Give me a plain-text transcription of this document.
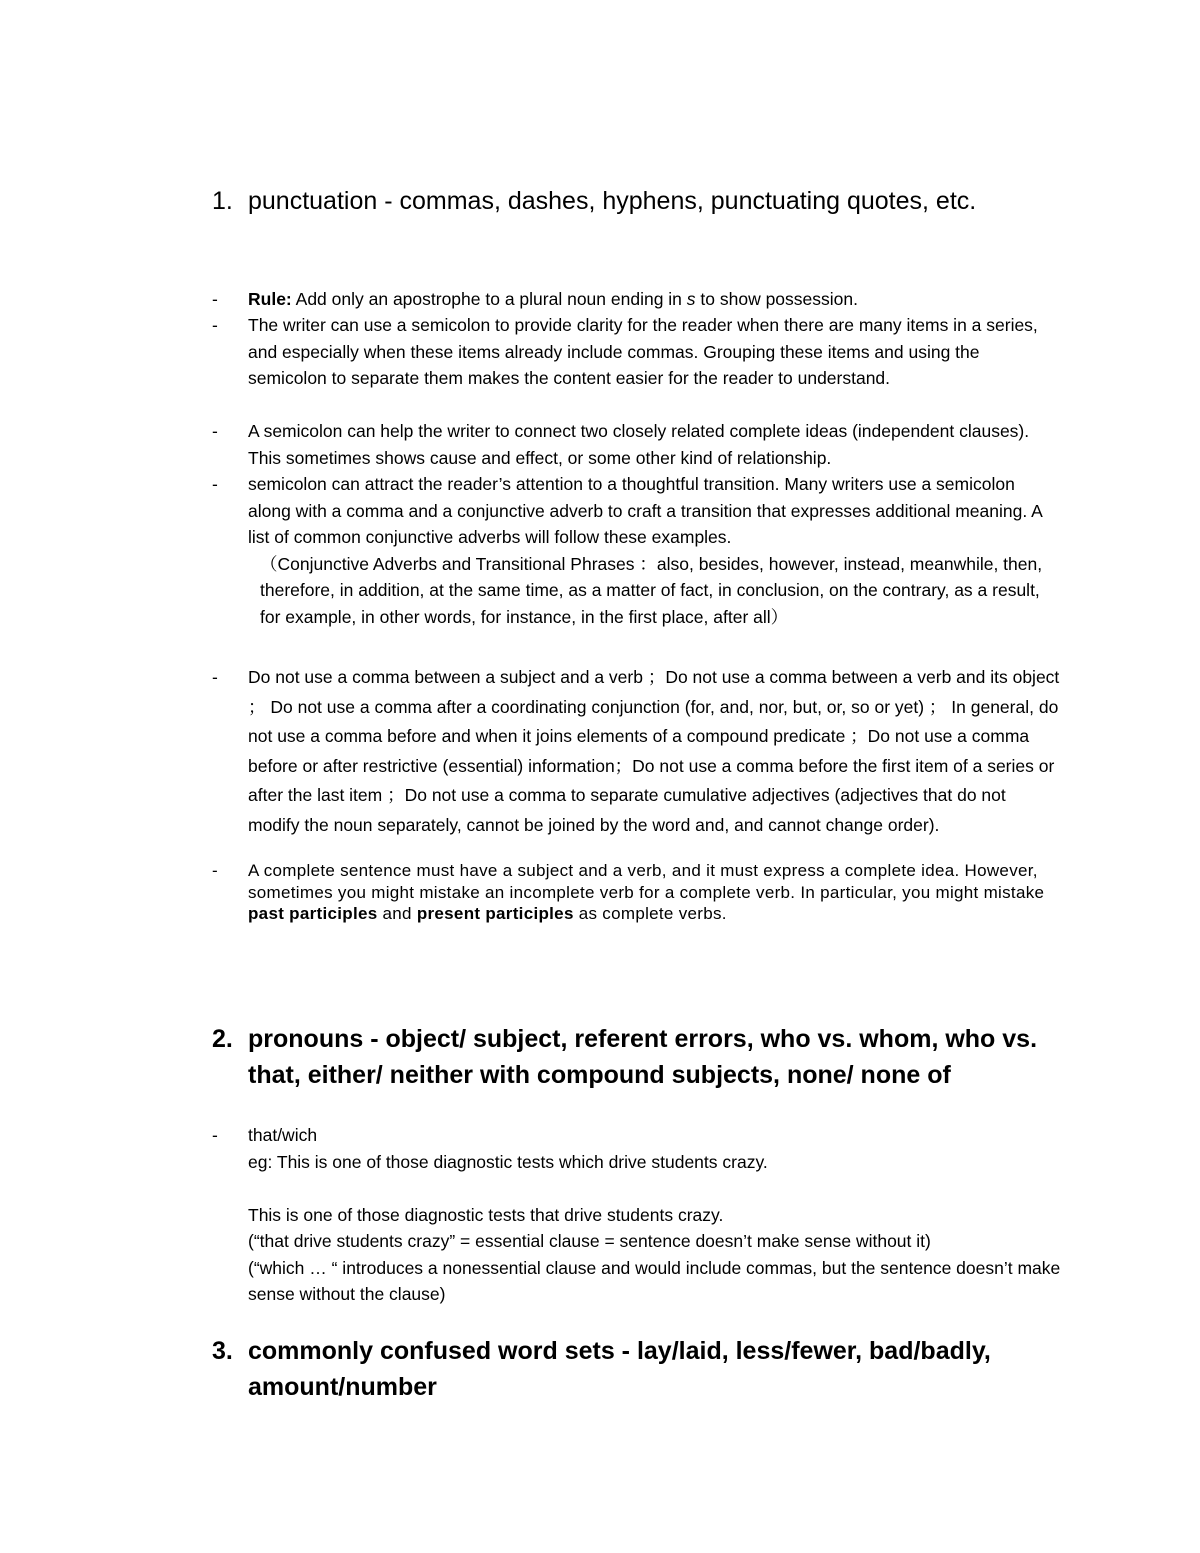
1. punctuation - commas, dashes, hyphens, punctuating quotes, etc.
- Rule: Add only an apostrophe to a plural noun ending in s to show possession.
- The writer can use a semicolon to provide clarity for the reader when there are many items in a series, and especially when these items already include commas. Grouping these items and using the semicolon to separate them makes the content easier for the reader to understand.
- A semicolon can help the writer to connect two closely related complete ideas (independent clauses). This sometimes shows cause and effect, or some other kind of relationship.
- semicolon can attract the reader’s attention to a thoughtful transition. Many writers use a semicolon along with a comma and a conjunctive adverb to craft a transition that expresses additional meaning. A list of common conjunctive adverbs will follow these examples.
（Conjunctive Adverbs and Transitional Phrases ：also, besides, however, instead, meanwhile, then, therefore, in addition, at the same time, as a matter of fact, in conclusion, on the contrary, as a result, for example, in other words, for instance, in the first place, after all）
- Do not use a comma between a subject and a verb ；Do not use a comma between a verb and its object ； Do not use a comma after a coordinating conjunction (for, and, nor, but, or, so or yet) ； In general, do not use a comma before and when it joins elements of a compound predicate ；Do not use a comma before or after restrictive (essential) information；Do not use a comma before the first item of a series or after the last item ；Do not use a comma to separate cumulative adjectives (adjectives that do not modify the noun separately, cannot be joined by the word and, and cannot change order).
- A complete sentence must have a subject and a verb, and it must express a complete idea. However, sometimes you might mistake an incomplete verb for a complete verb. In particular, you might mistake past participles and present participles as complete verbs.
2. pronouns - object/ subject, referent errors, who vs. whom, who vs. that, either/ neither with compound subjects, none/ none of
- that/wich
eg: This is one of those diagnostic tests which drive students crazy.
This is one of those diagnostic tests that drive students crazy.
(“that drive students crazy” = essential clause = sentence doesn’t make sense without it)
(“which … “ introduces a nonessential clause and would include commas, but the sentence doesn’t make sense without the clause)
3. commonly confused word sets - lay/laid, less/fewer, bad/badly, amount/number
